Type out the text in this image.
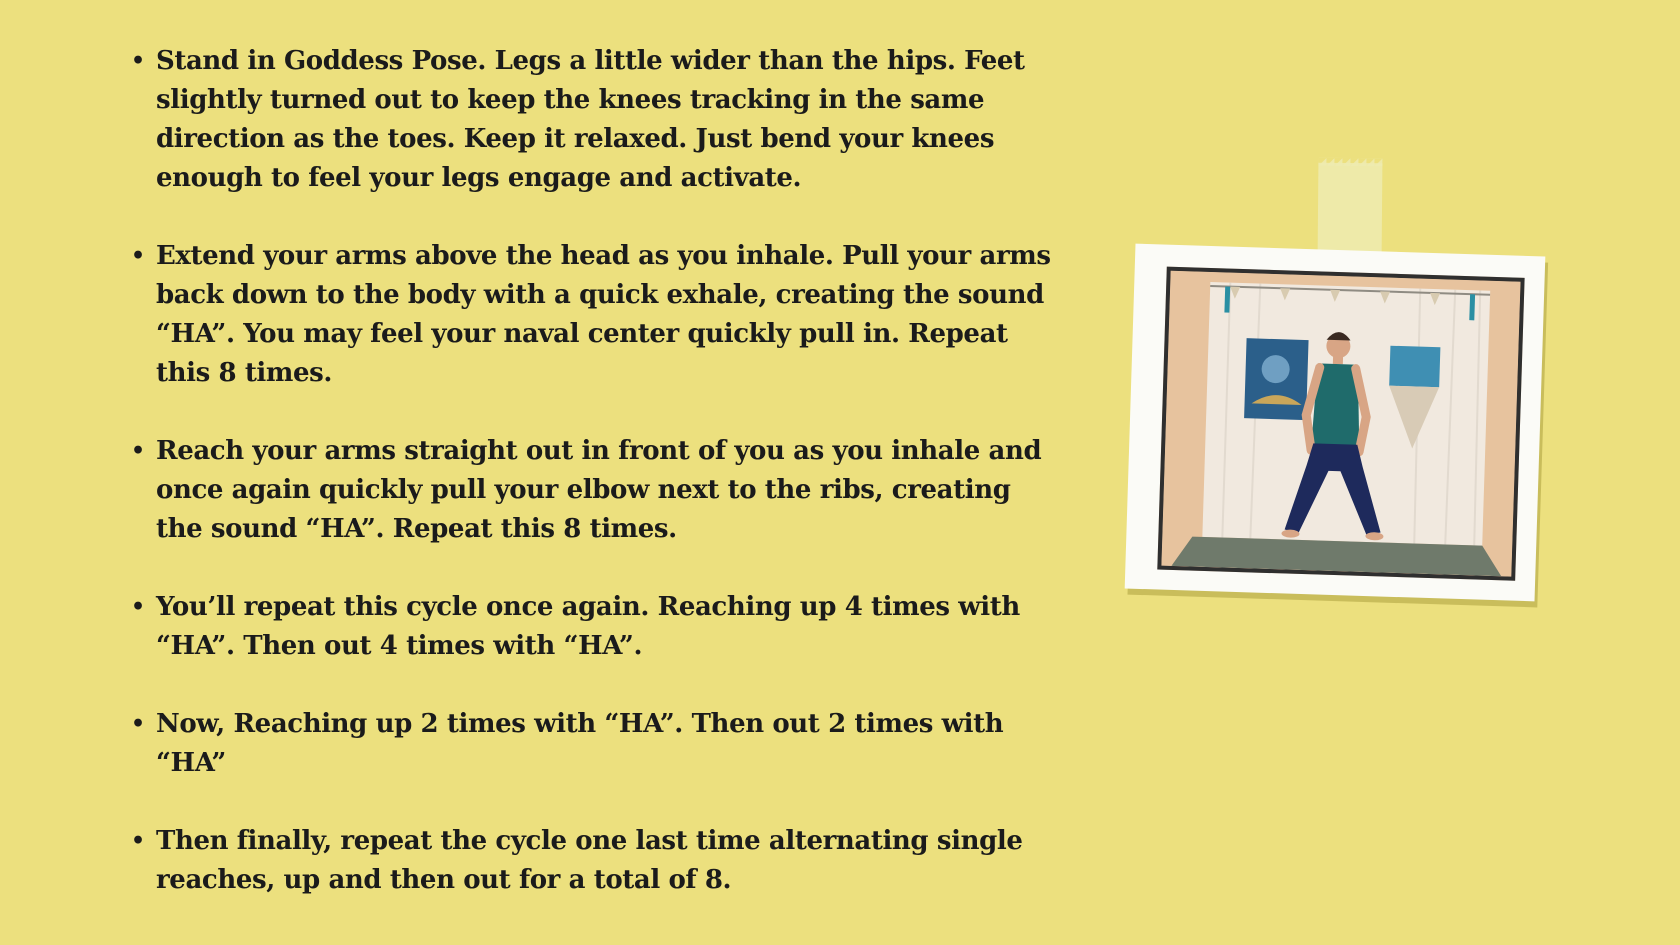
• Stand in Goddess Pose. Legs a little wider than the hips. Feet slightly turned out to keep the knees tracking in the same direction as the toes. Keep it relaxed. Just bend your knees enough to feel your legs engage and activate.
• Extend your arms above the head as you inhale. Pull your arms back down to the body with a quick exhale, creating the sound “HA”. You may feel your naval center quickly pull in. Repeat this 8 times.
• Reach your arms straight out in front of you as you inhale and once again quickly pull your elbow next to the ribs, creating the sound “HA”. Repeat this 8 times.
• You’ll repeat this cycle once again. Reaching up 4 times with “HA”. Then out 4 times with “HA”.
• Now, Reaching up 2 times with “HA”. Then out 2 times with “HA”
• Then finally, repeat the cycle one last time alternating single reaches, up and then out for a total of 8.
